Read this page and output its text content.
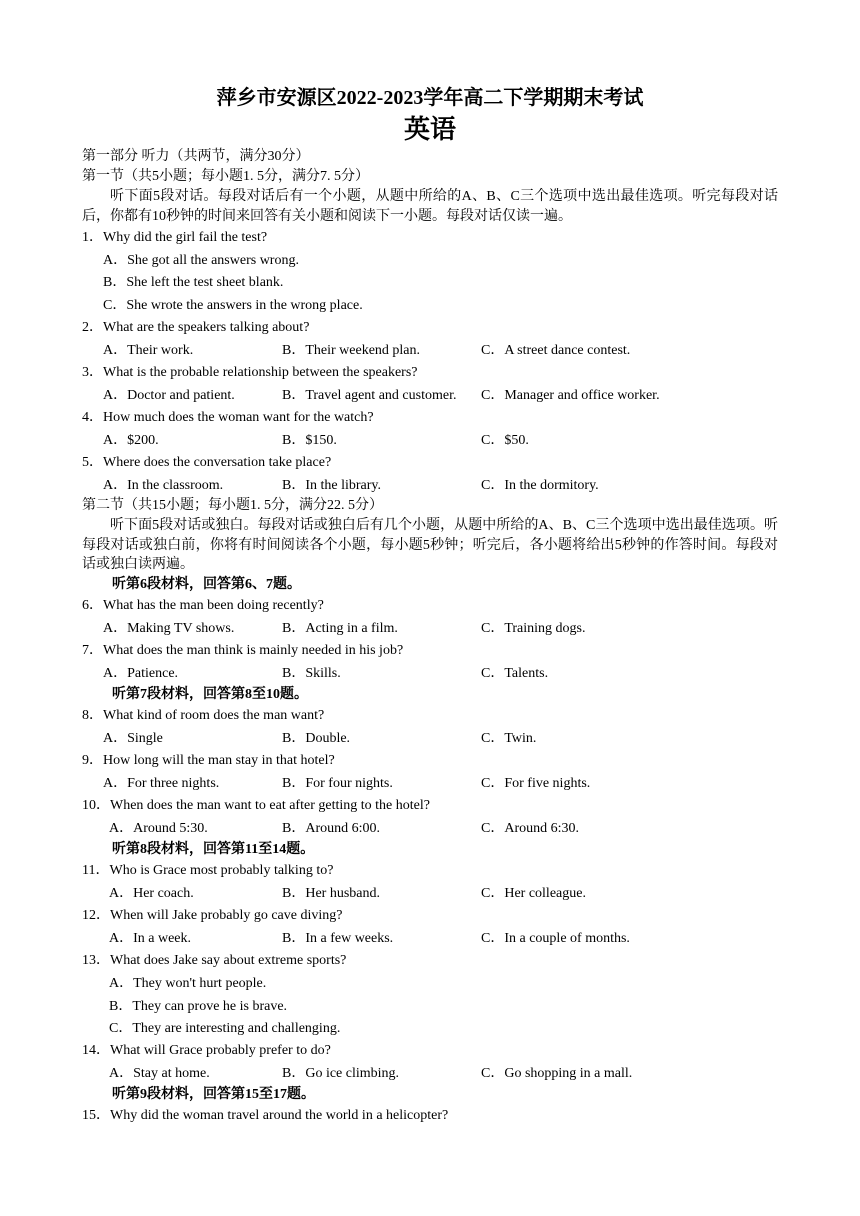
萍乡市安源区2022-2023学年高二下学期期末考试
英语
第一部分 听力（共两节，满分30分）
第一节（共5小题；每小题1. 5分，满分7. 5分）
听下面5段对话。每段对话后有一个小题，从题中所给的A、B、C三个选项中选出最佳选项。听完每段对话后，你都有10秒钟的时间来回答有关小题和阅读下一小题。每段对话仅读一遍。
1．Why did the girl fail the test?
A．She got all the answers wrong.
B．She left the test sheet blank.
C．She wrote the answers in the wrong place.
2．What are the speakers talking about?
A．Their work.	B．Their weekend plan.	C．A street dance contest.
3．What is the probable relationship between the speakers?
A．Doctor and patient.	B．Travel agent and customer. C．Manager and office worker.
4．How much does the woman want for the watch?
A．$200.	B．$150.	C．$50.
5．Where does the conversation take place?
A．In the classroom.	B．In the library.	C．In the dormitory.
第二节（共15小题；每小题1. 5分，满分22. 5分）
听下面5段对话或独白。每段对话或独白后有几个小题，从题中所给的A、B、C三个选项中选出最佳选项。听每段对话或独白前，你将有时间阅读各个小题，每小题5秒钟；听完后，各小题将给出5秒钟的作答时间。每段对话或独白读两遍。
听第6段材料，回答第6、7题。
6．What has the man been doing recently?
A．Making TV shows.	B．Acting in a film.	C．Training dogs.
7．What does the man think is mainly needed in his job?
A．Patience.	B．Skills.	C．Talents.
听第7段材料，回答第8至10题。
8．What kind of room does the man want?
A．Single	B．Double.	C．Twin.
9．How long will the man stay in that hotel?
A．For three nights.	B．For four nights.	C．For five nights.
10．When does the man want to eat after getting to the hotel?
A．Around 5:30.	B．Around 6:00.	C．Around 6:30.
听第8段材料，回答第11至14题。
11．Who is Grace most probably talking to?
A．Her coach.	B．Her husband.	C．Her colleague.
12．When will Jake probably go cave diving?
A．In a week.	B．In a few weeks.	C．In a couple of months.
13．What does Jake say about extreme sports?
A．They won't hurt people.
B．They can prove he is brave.
C．They are interesting and challenging.
14．What will Grace probably prefer to do?
A．Stay at home.	B．Go ice climbing.	C．Go shopping in a mall.
听第9段材料，回答第15至17题。
15．Why did the woman travel around the world in a helicopter?
